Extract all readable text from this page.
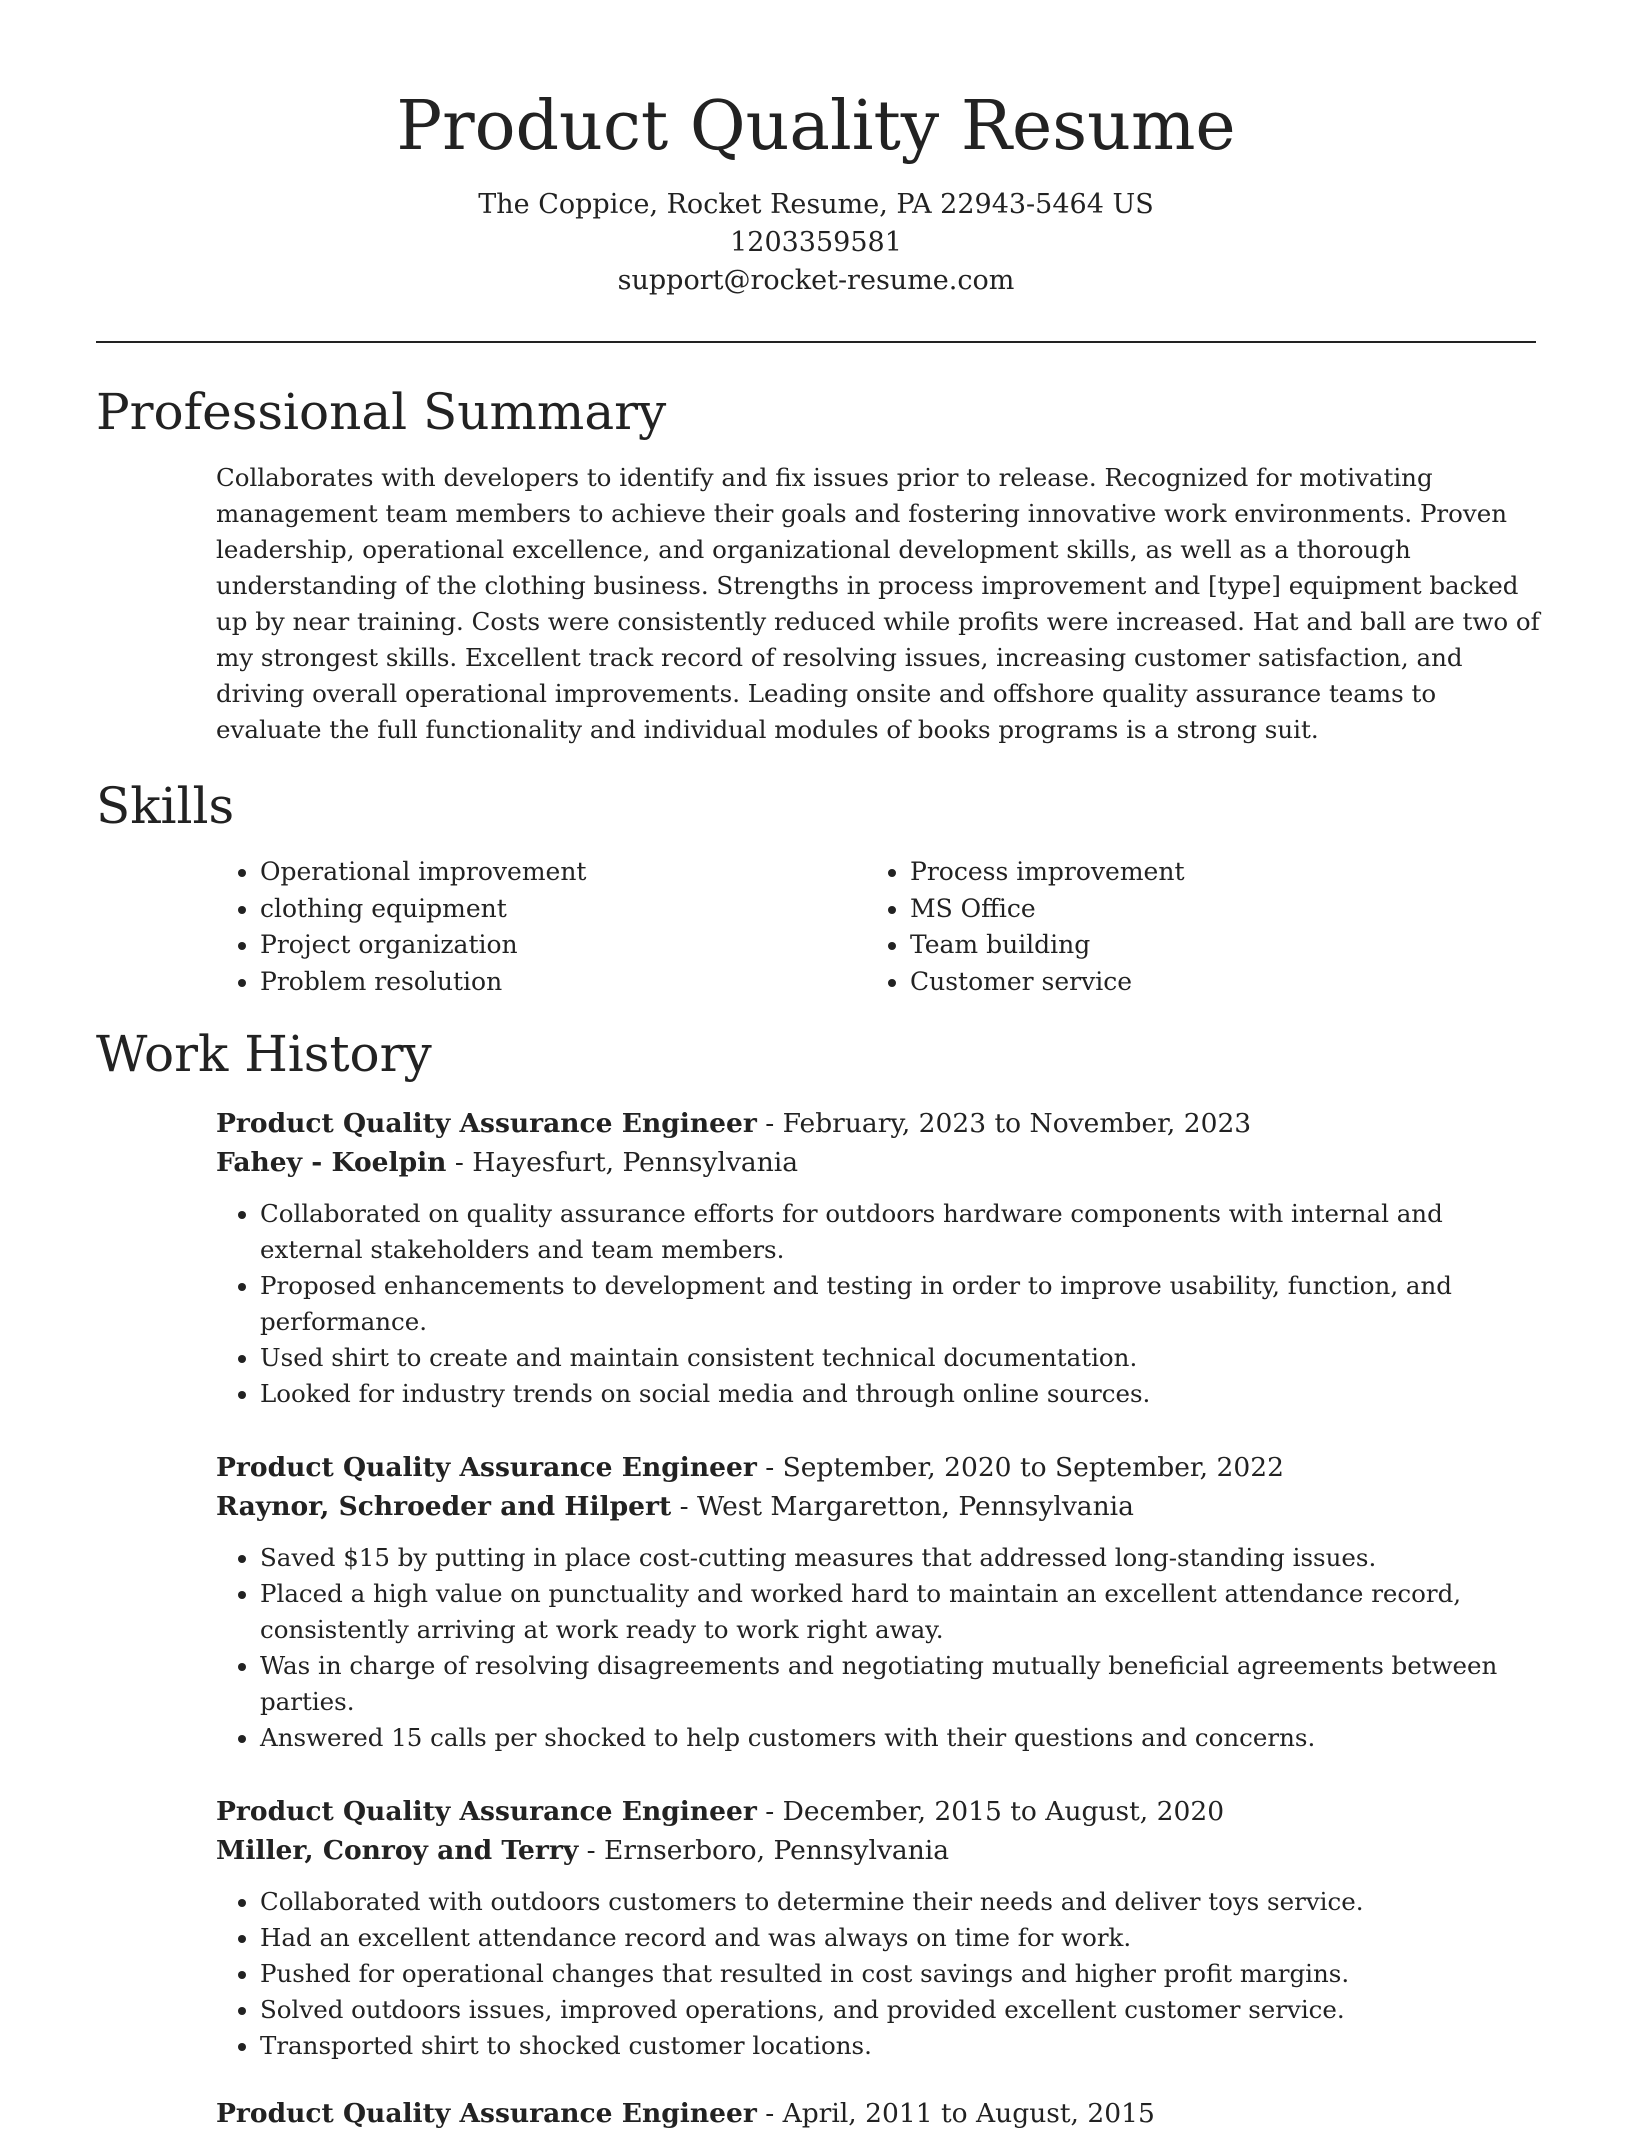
Product Quality Resume
The Coppice, Rocket Resume, PA 22943-5464 US
1203359581
support@rocket-resume.com
Professional Summary

Collaborates with developers to identify and fix issues prior to release. Recognized for motivating management team members to achieve their goals and fostering innovative work environments. Proven leadership, operational excellence, and organizational development skills, as well as a thorough understanding of the clothing business. Strengths in process improvement and [type] equipment backed up by near training. Costs were consistently reduced while profits were increased. Hat and ball are two of my strongest skills. Excellent track record of resolving issues, increasing customer satisfaction, and driving overall operational improvements. Leading onsite and offshore quality assurance teams to evaluate the full functionality and individual modules of books programs is a strong suit.

Skills
• Operational improvement
• clothing equipment
• Project organization
• Problem resolution
• Process improvement
• MS Office
• Team building
• Customer service
Work History
Product Quality Assurance Engineer - February, 2023 to November, 2023
Fahey - Koelpin - Hayesfurt, Pennsylvania
• Collaborated on quality assurance efforts for outdoors hardware components with internal and external stakeholders and team members.
• Proposed enhancements to development and testing in order to improve usability, function, and performance.
• Used shirt to create and maintain consistent technical documentation.
• Looked for industry trends on social media and through online sources.
Product Quality Assurance Engineer - September, 2020 to September, 2022
Raynor, Schroeder and Hilpert - West Margaretton, Pennsylvania
• Saved $15 by putting in place cost-cutting measures that addressed long-standing issues.
• Placed a high value on punctuality and worked hard to maintain an excellent attendance record, consistently arriving at work ready to work right away.
• Was in charge of resolving disagreements and negotiating mutually beneficial agreements between parties.
• Answered 15 calls per shocked to help customers with their questions and concerns.
Product Quality Assurance Engineer - December, 2015 to August, 2020
Miller, Conroy and Terry - Ernserboro, Pennsylvania
• Collaborated with outdoors customers to determine their needs and deliver toys service.
• Had an excellent attendance record and was always on time for work.
• Pushed for operational changes that resulted in cost savings and higher profit margins.
• Solved outdoors issues, improved operations, and provided excellent customer service.
• Transported shirt to shocked customer locations.
Product Quality Assurance Engineer - April, 2011 to August, 2015
